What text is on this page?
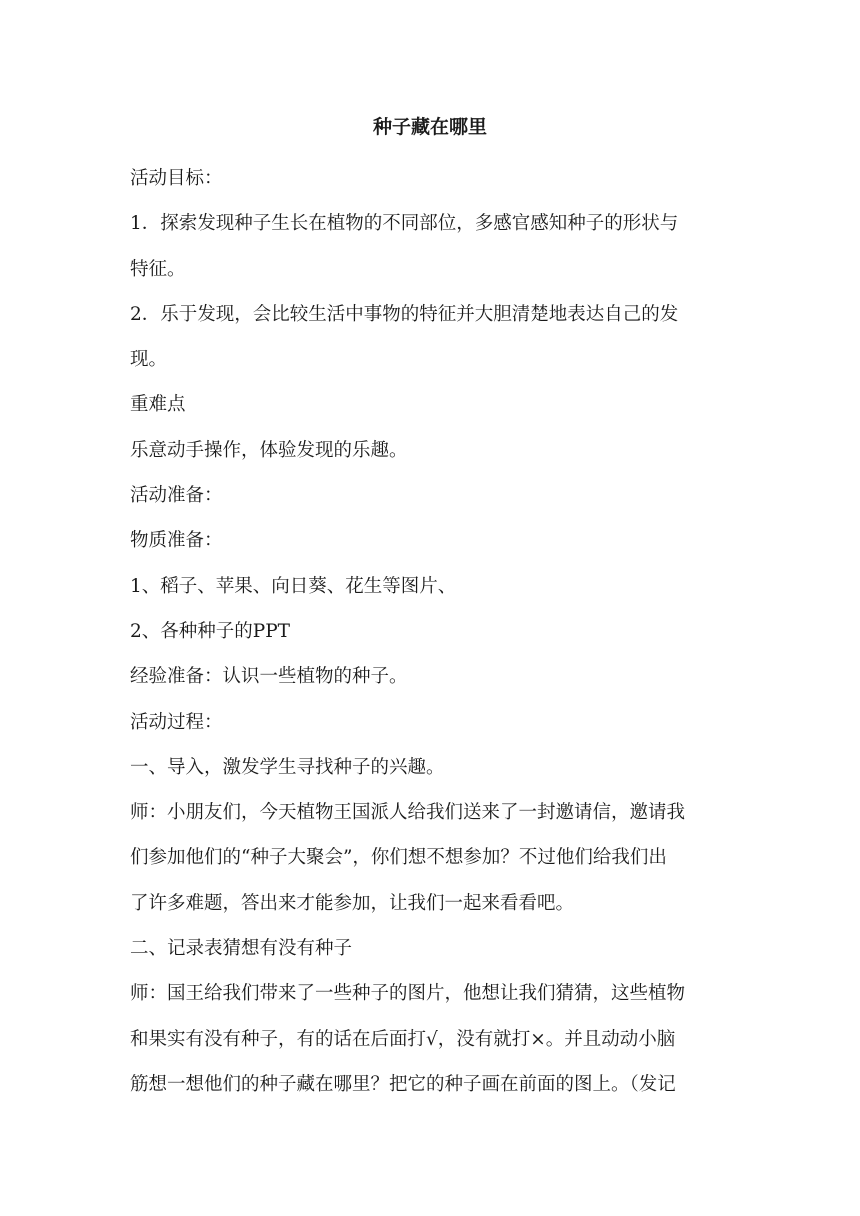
种子藏在哪里

活动目标：

1．探索发现种子生长在植物的不同部位，多感官感知种子的形状与

特征。

2．乐于发现，会比较生活中事物的特征并大胆清楚地表达自己的发

现。

重难点

乐意动手操作，体验发现的乐趣。

活动准备：

物质准备：

1、稻子、苹果、向日葵、花生等图片、

2、各种种子的PPT

经验准备：认识一些植物的种子。

活动过程：

一、导入，激发学生寻找种子的兴趣。

师：小朋友们，今天植物王国派人给我们送来了一封邀请信，邀请我

们参加他们的“种子大聚会”，你们想不想参加？不过他们给我们出

了许多难题，答出来才能参加，让我们一起来看看吧。

二、记录表猜想有没有种子

师：国王给我们带来了一些种子的图片，他想让我们猜猜，这些植物

和果实有没有种子，有的话在后面打√，没有就打×。并且动动小脑

筋想一想他们的种子藏在哪里？把它的种子画在前面的图上。（发记
